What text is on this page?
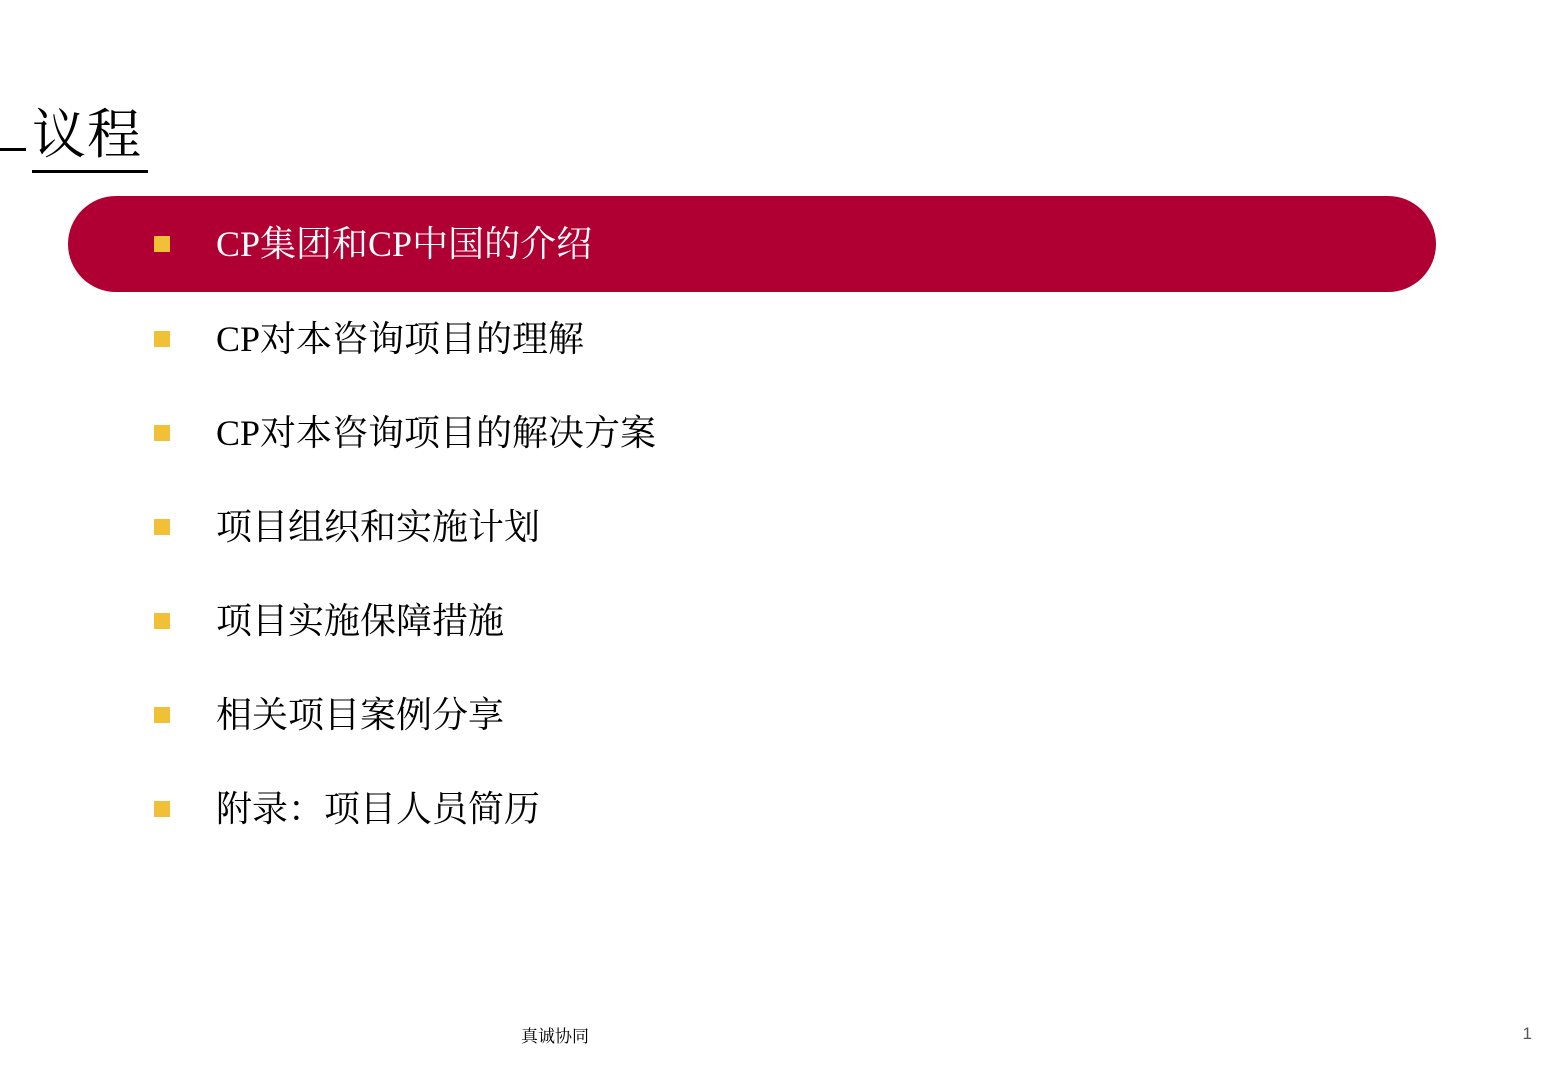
议程
CP集团和CP中国的介绍
CP对本咨询项目的理解
CP对本咨询项目的解决方案
项目组织和实施计划
项目实施保障措施
相关项目案例分享
附录：项目人员简历
真诚协同	1
